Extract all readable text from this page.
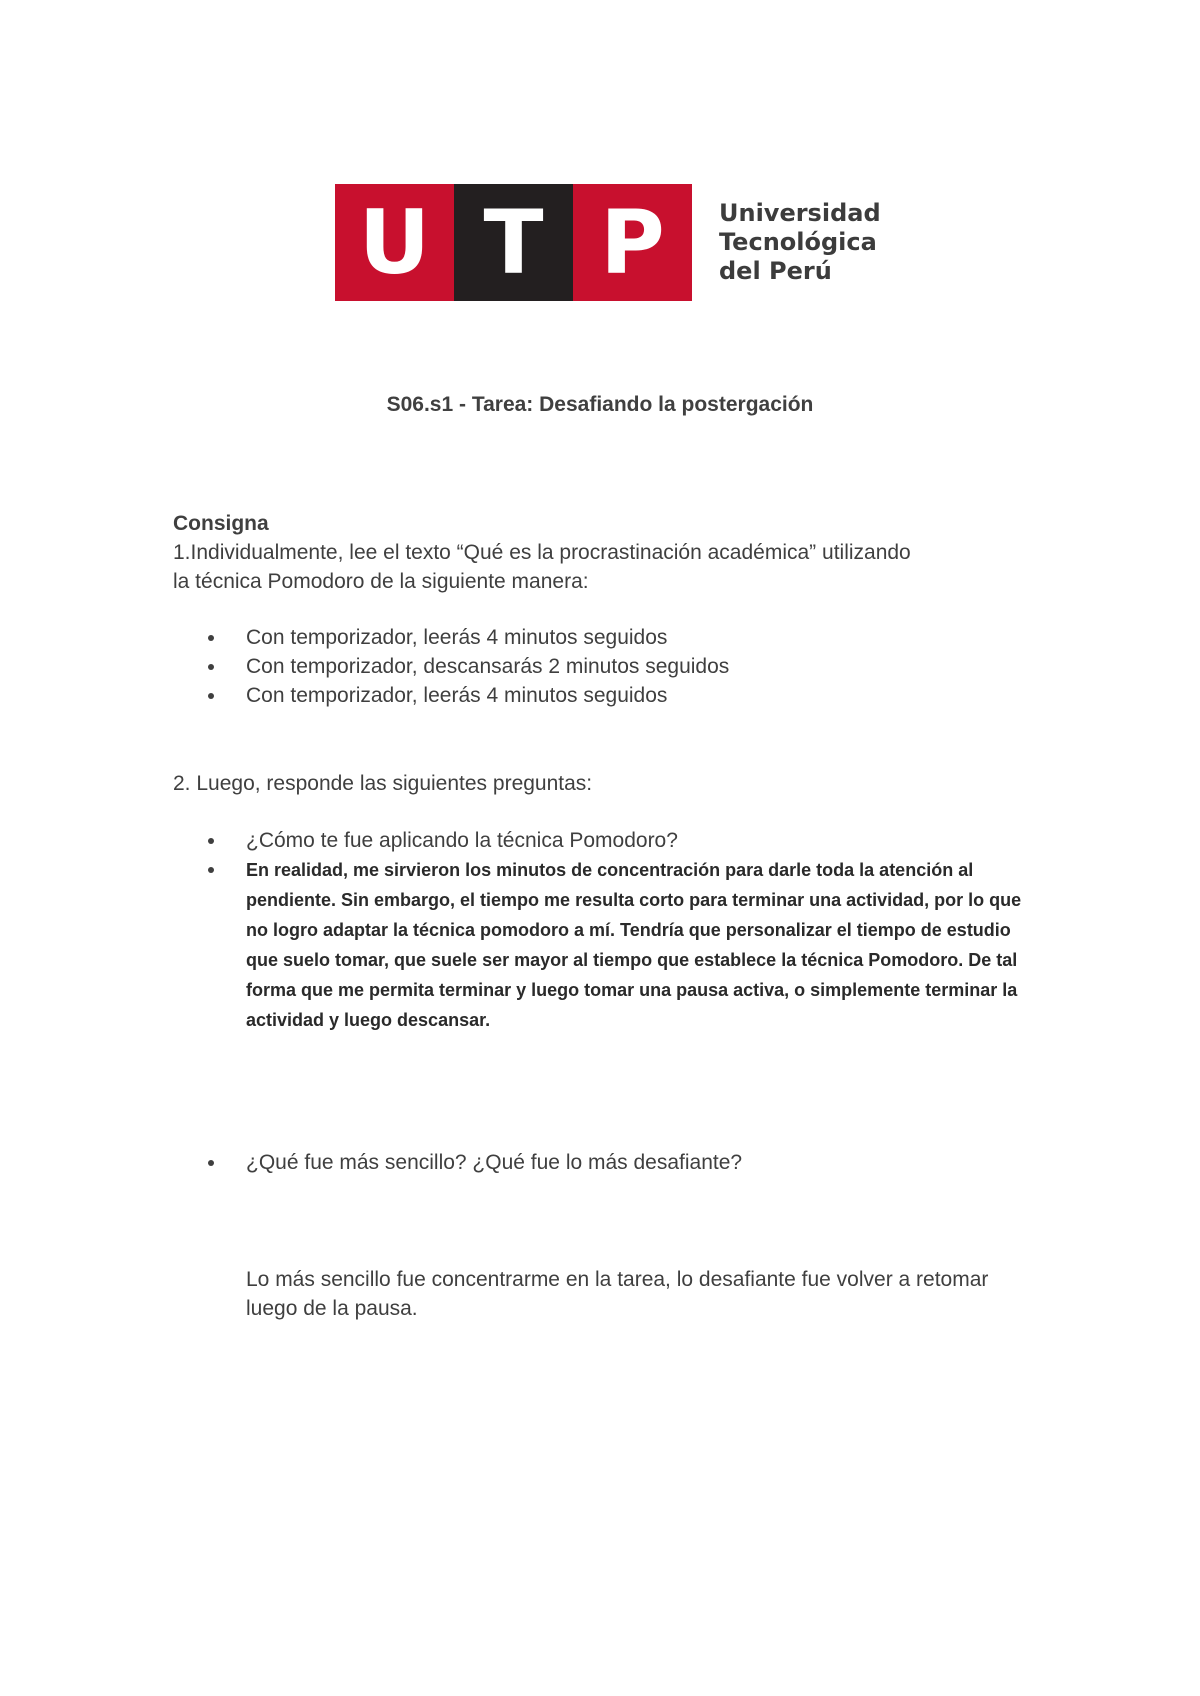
U T P	Universidad
Tecnológica
del Perú
S06.s1 - Tarea: Desafiando la postergación
Consigna
1.Individualmente, lee el texto “Qué es la procrastinación académica” utilizando
la técnica Pomodoro de la siguiente manera:
Con temporizador, leerás 4 minutos seguidos
Con temporizador, descansarás 2 minutos seguidos
Con temporizador, leerás 4 minutos seguidos
2. Luego, responde las siguientes preguntas:
¿Cómo te fue aplicando la técnica Pomodoro?
En realidad, me sirvieron los minutos de concentración para darle toda la atención al pendiente. Sin embargo, el tiempo me resulta corto para terminar una actividad, por lo que no logro adaptar la técnica pomodoro a mí. Tendría que personalizar el tiempo de estudio que suelo tomar, que suele ser mayor al tiempo que establece la técnica Pomodoro. De tal forma que me permita terminar y luego tomar una pausa activa, o simplemente terminar la actividad y luego descansar.
¿Qué fue más sencillo? ¿Qué fue lo más desafiante?
Lo más sencillo fue concentrarme en la tarea, lo desafiante fue volver a retomar luego de la pausa.
